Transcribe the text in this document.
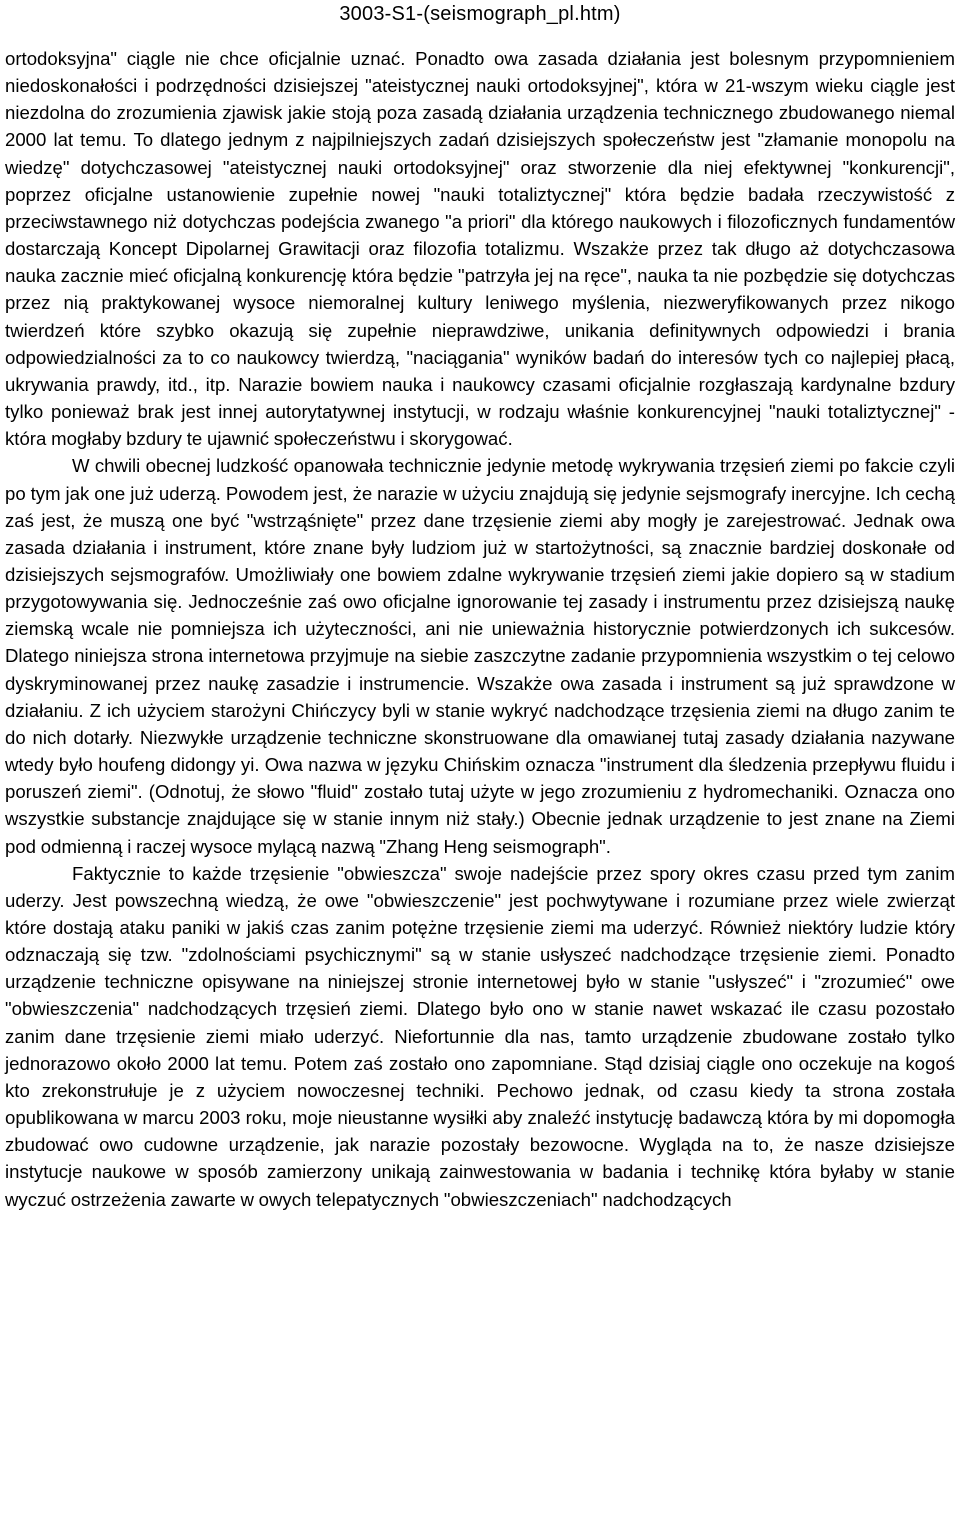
3003-S1-(seismograph_pl.htm)

ortodoksyjna" ciągle nie chce oficjalnie uznać. Ponadto owa zasada działania jest bolesnym przypomnieniem niedoskonałości i podrzędności dzisiejszej "ateistycznej nauki ortodoksyjnej", która w 21-wszym wieku ciągle jest niezdolna do zrozumienia zjawisk jakie stoją poza zasadą działania urządzenia technicznego zbudowanego niemal 2000 lat temu. To dlatego jednym z najpilniejszych zadań dzisiejszych społeczeństw jest "złamanie monopolu na wiedzę" dotychczasowej "ateistycznej nauki ortodoksyjnej" oraz stworzenie dla niej efektywnej "konkurencji", poprzez oficjalne ustanowienie zupełnie nowej "nauki totaliztycznej" która będzie badała rzeczywistość z przeciwstawnego niż dotychczas podejścia zwanego "a priori" dla którego naukowych i filozoficznych fundamentów dostarczają Koncept Dipolarnej Grawitacji oraz filozofia totalizmu. Wszakże przez tak długo aż dotychczasowa nauka zacznie mieć oficjalną konkurencję która będzie "patrzyła jej na ręce", nauka ta nie pozbędzie się dotychczas przez nią praktykowanej wysoce niemoralnej kultury leniwego myślenia, niezweryfikowanych przez nikogo twierdzeń które szybko okazują się zupełnie nieprawdziwe, unikania definitywnych odpowiedzi i brania odpowiedzialności za to co naukowcy twierdzą, "naciągania" wyników badań do interesów tych co najlepiej płacą, ukrywania prawdy, itd., itp. Narazie bowiem nauka i naukowcy czasami oficjalnie rozgłaszają kardynalne bzdury tylko ponieważ brak jest innej autorytatywnej instytucji, w rodzaju właśnie konkurencyjnej "nauki totaliztycznej" - która mogłaby bzdury te ujawnić społeczeństwu i skorygować.

W chwili obecnej ludzkość opanowała technicznie jedynie metodę wykrywania trzęsień ziemi po fakcie czyli po tym jak one już uderzą. Powodem jest, że narazie w użyciu znajdują się jedynie sejsmografy inercyjne. Ich cechą zaś jest, że muszą one być "wstrząśnięte" przez dane trzęsienie ziemi aby mogły je zarejestrować. Jednak owa zasada działania i instrument, które znane były ludziom już w startożytności, są znacznie bardziej doskonałe od dzisiejszych sejsmografów. Umożliwiały one bowiem zdalne wykrywanie trzęsień ziemi jakie dopiero są w stadium przygotowywania się. Jednocześnie zaś owo oficjalne ignorowanie tej zasady i instrumentu przez dzisiejszą naukę ziemską wcale nie pomniejsza ich użyteczności, ani nie unieważnia historycznie potwierdzonych ich sukcesów. Dlatego niniejsza strona internetowa przyjmuje na siebie zaszczytne zadanie przypomnienia wszystkim o tej celowo dyskryminowanej przez naukę zasadzie i instrumencie. Wszakże owa zasada i instrument są już sprawdzone w działaniu. Z ich użyciem starożyni Chińczycy byli w stanie wykryć nadchodzące trzęsienia ziemi na długo zanim te do nich dotarły. Niezwykłe urządzenie techniczne skonstruowane dla omawianej tutaj zasady działania nazywane wtedy było houfeng didongy yi. Owa nazwa w języku Chińskim oznacza "instrument dla śledzenia przepływu fluidu i poruszeń ziemi". (Odnotuj, że słowo "fluid" zostało tutaj użyte w jego zrozumieniu z hydromechaniki. Oznacza ono wszystkie substancje znajdujące się w stanie innym niż stały.) Obecnie jednak urządzenie to jest znane na Ziemi pod odmienną i raczej wysoce mylącą nazwą "Zhang Heng seismograph".

Faktycznie to każde trzęsienie "obwieszcza" swoje nadejście przez spory okres czasu przed tym zanim uderzy. Jest powszechną wiedzą, że owe "obwieszczenie" jest pochwytywane i rozumiane przez wiele zwierząt które dostają ataku paniki w jakiś czas zanim potężne trzęsienie ziemi ma uderzyć. Również niektóry ludzie który odznaczają się tzw. "zdolnościami psychicznymi" są w stanie usłyszeć nadchodzące trzęsienie ziemi. Ponadto urządzenie techniczne opisywane na niniejszej stronie internetowej było w stanie "usłyszeć" i "zrozumieć" owe "obwieszczenia" nadchodzących trzęsień ziemi. Dlatego było ono w stanie nawet wskazać ile czasu pozostało zanim dane trzęsienie ziemi miało uderzyć. Niefortunnie dla nas, tamto urządzenie zbudowane zostało tylko jednorazowo około 2000 lat temu. Potem zaś zostało ono zapomniane. Stąd dzisiaj ciągle ono oczekuje na kogoś kto zrekonstrułuje je z użyciem nowoczesnej techniki. Pechowo jednak, od czasu kiedy ta strona została opublikowana w marcu 2003 roku, moje nieustanne wysiłki aby znaleźć instytucję badawczą która by mi dopomogła zbudować owo cudowne urządzenie, jak narazie pozostały bezowocne. Wygląda na to, że nasze dzisiejsze instytucje naukowe w sposób zamierzony unikają zainwestowania w badania i technikę która byłaby w stanie wyczuć ostrzeżenia zawarte w owych telepatycznych "obwieszczeniach" nadchodzących
